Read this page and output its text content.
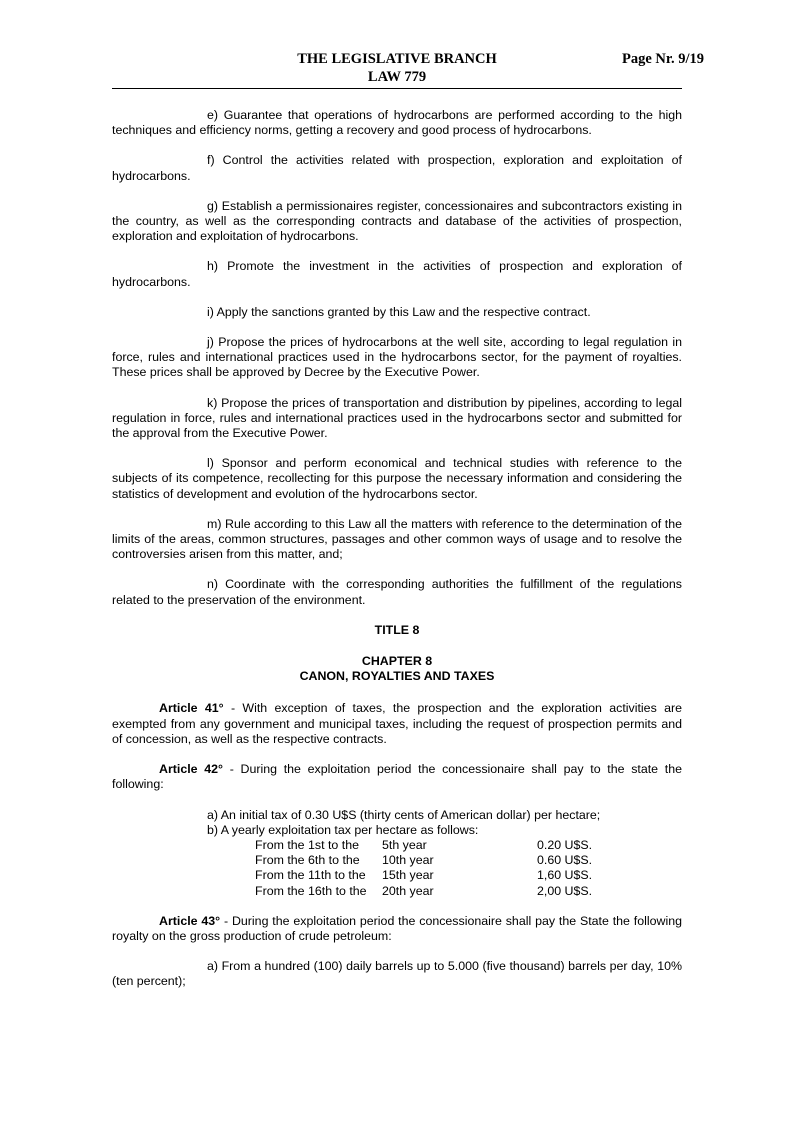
THE LEGISLATIVE BRANCH
LAW 779
Page Nr. 9/19

e) Guarantee that operations of hydrocarbons are performed according to the high techniques and efficiency norms, getting a recovery and good process of hydrocarbons.

f) Control the activities related with prospection, exploration and exploitation of hydrocarbons.

g) Establish a permissionaires register, concessionaires and subcontractors existing in the country, as well as the corresponding contracts and database of the activities of prospection, exploration and exploitation of hydrocarbons.

h) Promote the investment in the activities of prospection and exploration of hydrocarbons.

i) Apply the sanctions granted by this Law and the respective contract.

j) Propose the prices of hydrocarbons at the well site, according to legal regulation in force, rules and international practices used in the hydrocarbons sector, for the payment of royalties. These prices shall be approved by Decree by the Executive Power.

k) Propose the prices of transportation and distribution by pipelines, according to legal regulation in force, rules and international practices used in the hydrocarbons sector and submitted for the approval from the Executive Power.

l) Sponsor and perform economical and technical studies with reference to the subjects of its competence, recollecting for this purpose the necessary information and considering the statistics of development and evolution of the hydrocarbons sector.

m) Rule according to this Law all the matters with reference to the determination of the limits of the areas, common structures, passages and other common ways of usage and to resolve the controversies arisen from this matter, and;

n) Coordinate with the corresponding authorities the fulfillment of the regulations related to the preservation of the environment.

TITLE 8
CHAPTER 8
CANON, ROYALTIES AND TAXES

Article 41° - With exception of taxes, the prospection and the exploration activities are exempted from any government and municipal taxes, including the request of prospection permits and of concession, as well as the respective contracts.

Article 42° - During the exploitation period the concessionaire shall pay to the state the following:

a) An initial tax of 0.30 U$S (thirty cents of American dollar) per hectare;
b) A yearly exploitation tax per hectare as follows:
From the 1st to the	5th year	0.20 U$S.
From the 6th to the	10th year	0.60 U$S.
From the 11th to the	15th year	1,60 U$S.
From the 16th to the	20th year	2,00 U$S.

Article 43° - During the exploitation period the concessionaire shall pay the State the following royalty on the gross production of crude petroleum:

a) From a hundred (100) daily barrels up to 5.000 (five thousand) barrels per day, 10% (ten percent);
